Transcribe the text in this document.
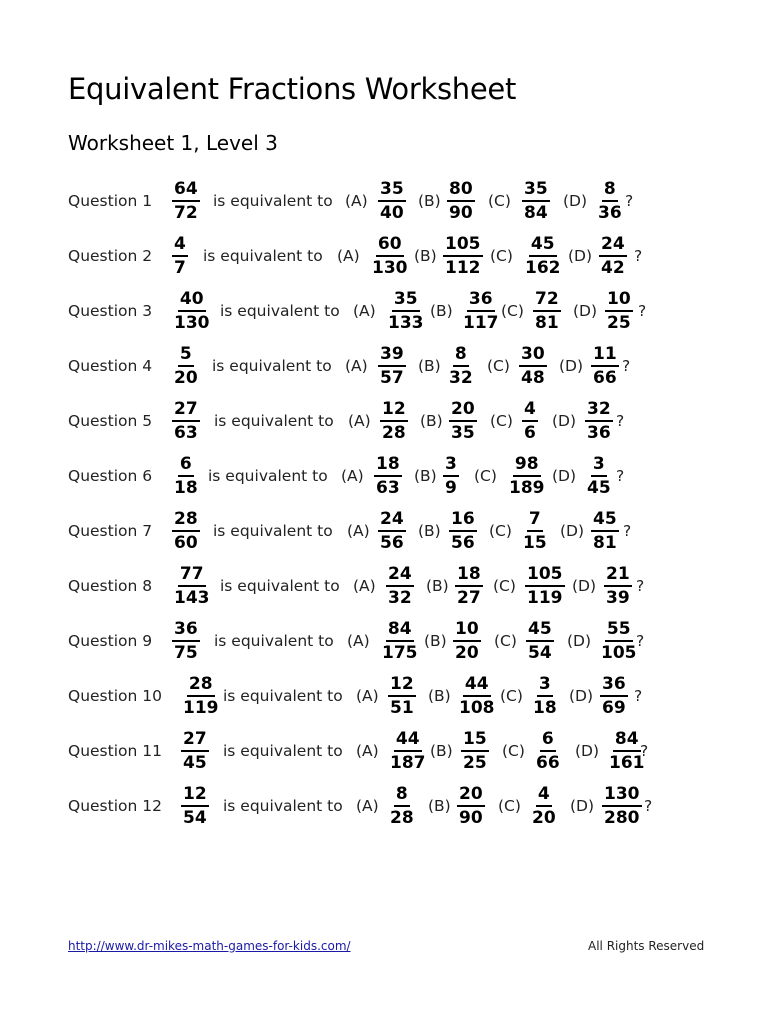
Equivalent Fractions Worksheet
Worksheet 1, Level 3
Question $1 \frac{64}{72}$ is equivalent to $(A) \frac{35}{40} (B) \frac{80}{90} (C) \frac{35}{84} (D) \frac{8}{36}$ ?
Question $2 \frac{4}{7}$ is equivalent to $(A) \frac{60}{130} (B) \frac{105}{112} (C) \frac{45}{162} (D) \frac{24}{42}$ ?
Question $3 \frac{40}{130}$ is equivalent to $(A) \frac{35}{133} (B) \frac{36}{117} (C) \frac{72}{81} (D) \frac{10}{25}$ ?
Question $4 \frac{5}{20}$ is equivalent to $(A) \frac{39}{57} (B) \frac{8}{32} (C) \frac{30}{48} (D) \frac{11}{66}$ ?
Question $5 \frac{27}{63}$ is equivalent to $(A) \frac{12}{28} (B) \frac{20}{35} (C) \frac{4}{6} (D) \frac{32}{36}$ ?
Question $6 \frac{6}{18}$ is equivalent to $(A) \frac{18}{63} (B) \frac{3}{9} (C) \frac{98}{189} (D) \frac{3}{45}$ ?
Question $7 \frac{28}{60}$ is equivalent to $(A) \frac{24}{56} (B) \frac{16}{56} (C) \frac{7}{15} (D) \frac{45}{81}$ ?
Question $8 \frac{77}{143}$ is equivalent to $(A) \frac{24}{32} (B) \frac{18}{27} (C) \frac{105}{119} (D) \frac{21}{39}$ ?
Question $9 \frac{36}{75}$ is equivalent to $(A) \frac{84}{175} (B) \frac{10}{20} (C) \frac{45}{54} (D) \frac{55}{105}$
?
Question $10 \frac{28}{119}$ is equivalent to $(A) \frac{12}{51} (B) \frac{44}{108} (C) \frac{3}{18} (D) \frac{36}{69}$ ?
Question $11 \frac{27}{45}$ is equivalent to $(A) \frac{44}{187} (B) \frac{15}{25} (C) \frac{6}{66} (D) \frac{84}{161}$
?
Question $12 \frac{12}{54}$ is equivalent to $(A) \frac{8}{28} (B) \frac{20}{90} (C) \frac{4}{20} (D) \frac{130}{280}$ ?
http://www.dr-mikes-math-games-for-kids.com/	All Rights Reserved
